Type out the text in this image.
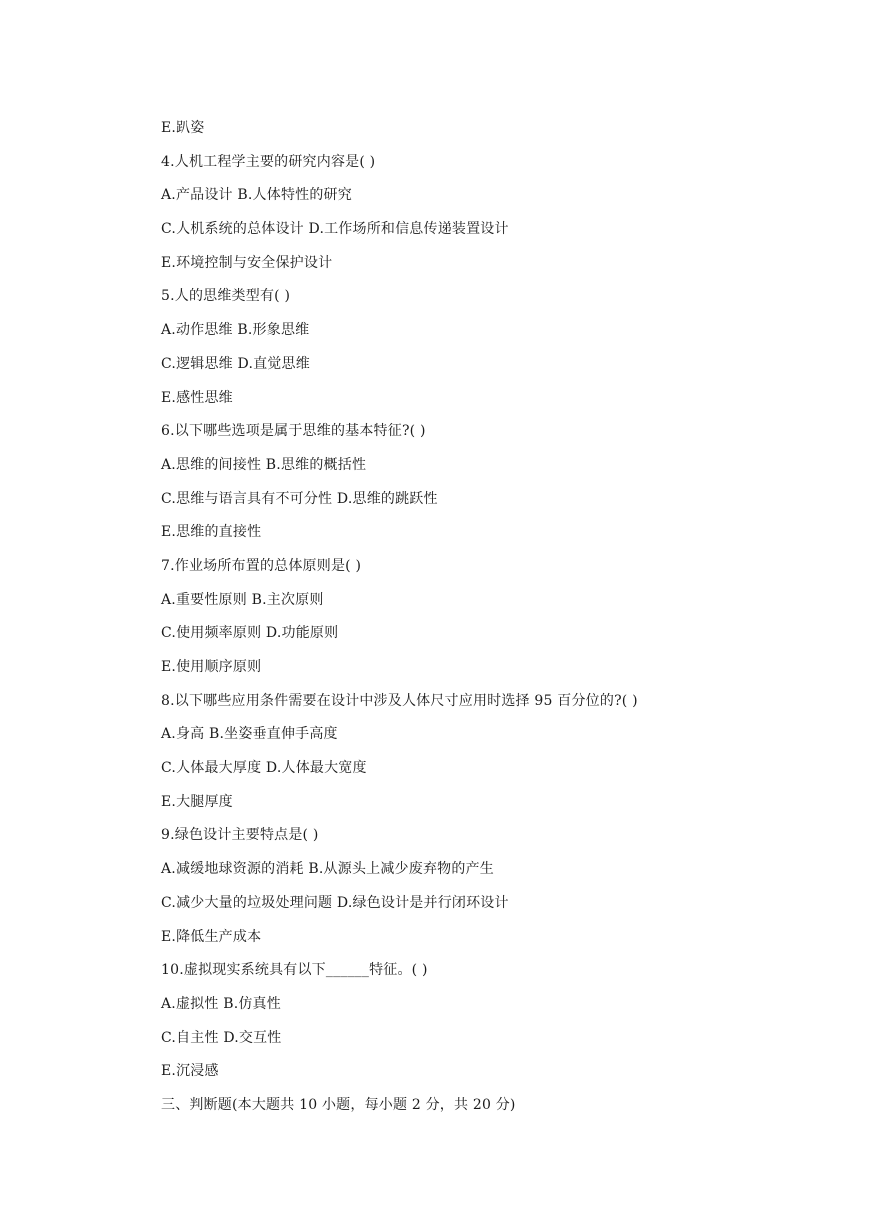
E.趴姿
4.人机工程学主要的研究内容是( )
A.产品设计 B.人体特性的研究
C.人机系统的总体设计 D.工作场所和信息传递装置设计
E.环境控制与安全保护设计
5.人的思维类型有( )
A.动作思维 B.形象思维
C.逻辑思维 D.直觉思维
E.感性思维
6.以下哪些选项是属于思维的基本特征?( )
A.思维的间接性 B.思维的概括性
C.思维与语言具有不可分性 D.思维的跳跃性
E.思维的直接性
7.作业场所布置的总体原则是( )
A.重要性原则 B.主次原则
C.使用频率原则 D.功能原则
E.使用顺序原则
8.以下哪些应用条件需要在设计中涉及人体尺寸应用时选择 95 百分位的?( )
A.身高 B.坐姿垂直伸手高度
C.人体最大厚度 D.人体最大宽度
E.大腿厚度
9.绿色设计主要特点是( )
A.减缓地球资源的消耗 B.从源头上减少废弃物的产生
C.减少大量的垃圾处理问题 D.绿色设计是并行闭环设计
E.降低生产成本
10.虚拟现实系统具有以下______特征。( )
A.虚拟性 B.仿真性
C.自主性 D.交互性
E.沉浸感
三、判断题(本大题共 10 小题，每小题 2 分，共 20 分)
